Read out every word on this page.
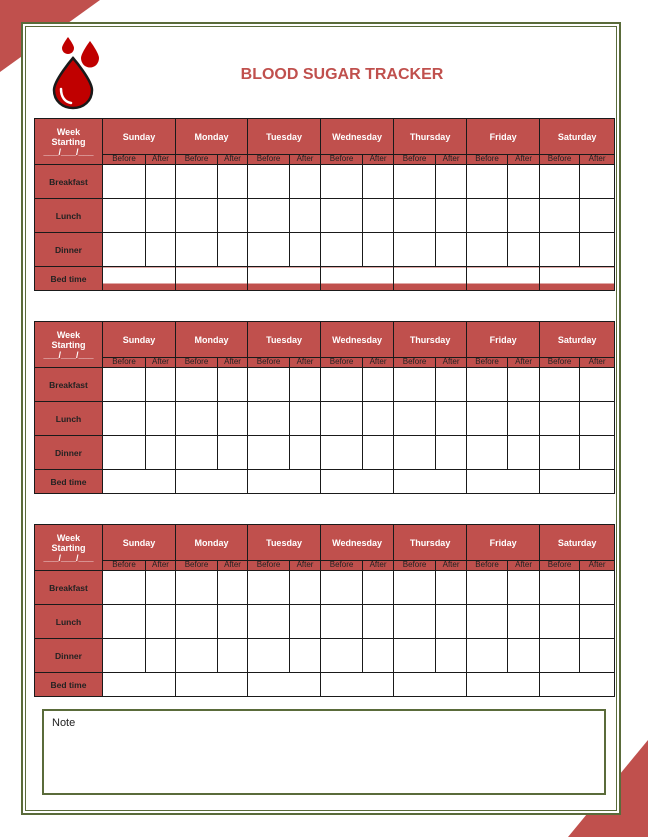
BLOOD SUGAR TRACKER
Week
Starting
___/___/___	Sunday		Monday		Tuesday		Wednesday		Thursday		Friday		Saturday	
	Before	After	Before	After	Before	After	Before	After	Before	After	Before	After	Before	After
Breakfast														
Lunch														
Dinner														
Bed time														
Week
Starting
___/___/___	Sunday		Monday		Tuesday		Wednesday		Thursday		Friday		Saturday	
	Before	After	Before	After	Before	After	Before	After	Before	After	Before	After	Before	After
Breakfast														
Lunch														
Dinner														
Bed time														
Week
Starting
___/___/___	Sunday		Monday		Tuesday		Wednesday		Thursday		Friday		Saturday	
	Before	After	Before	After	Before	After	Before	After	Before	After	Before	After	Before	After
Breakfast														
Lunch														
Dinner														
Bed time														
Note
